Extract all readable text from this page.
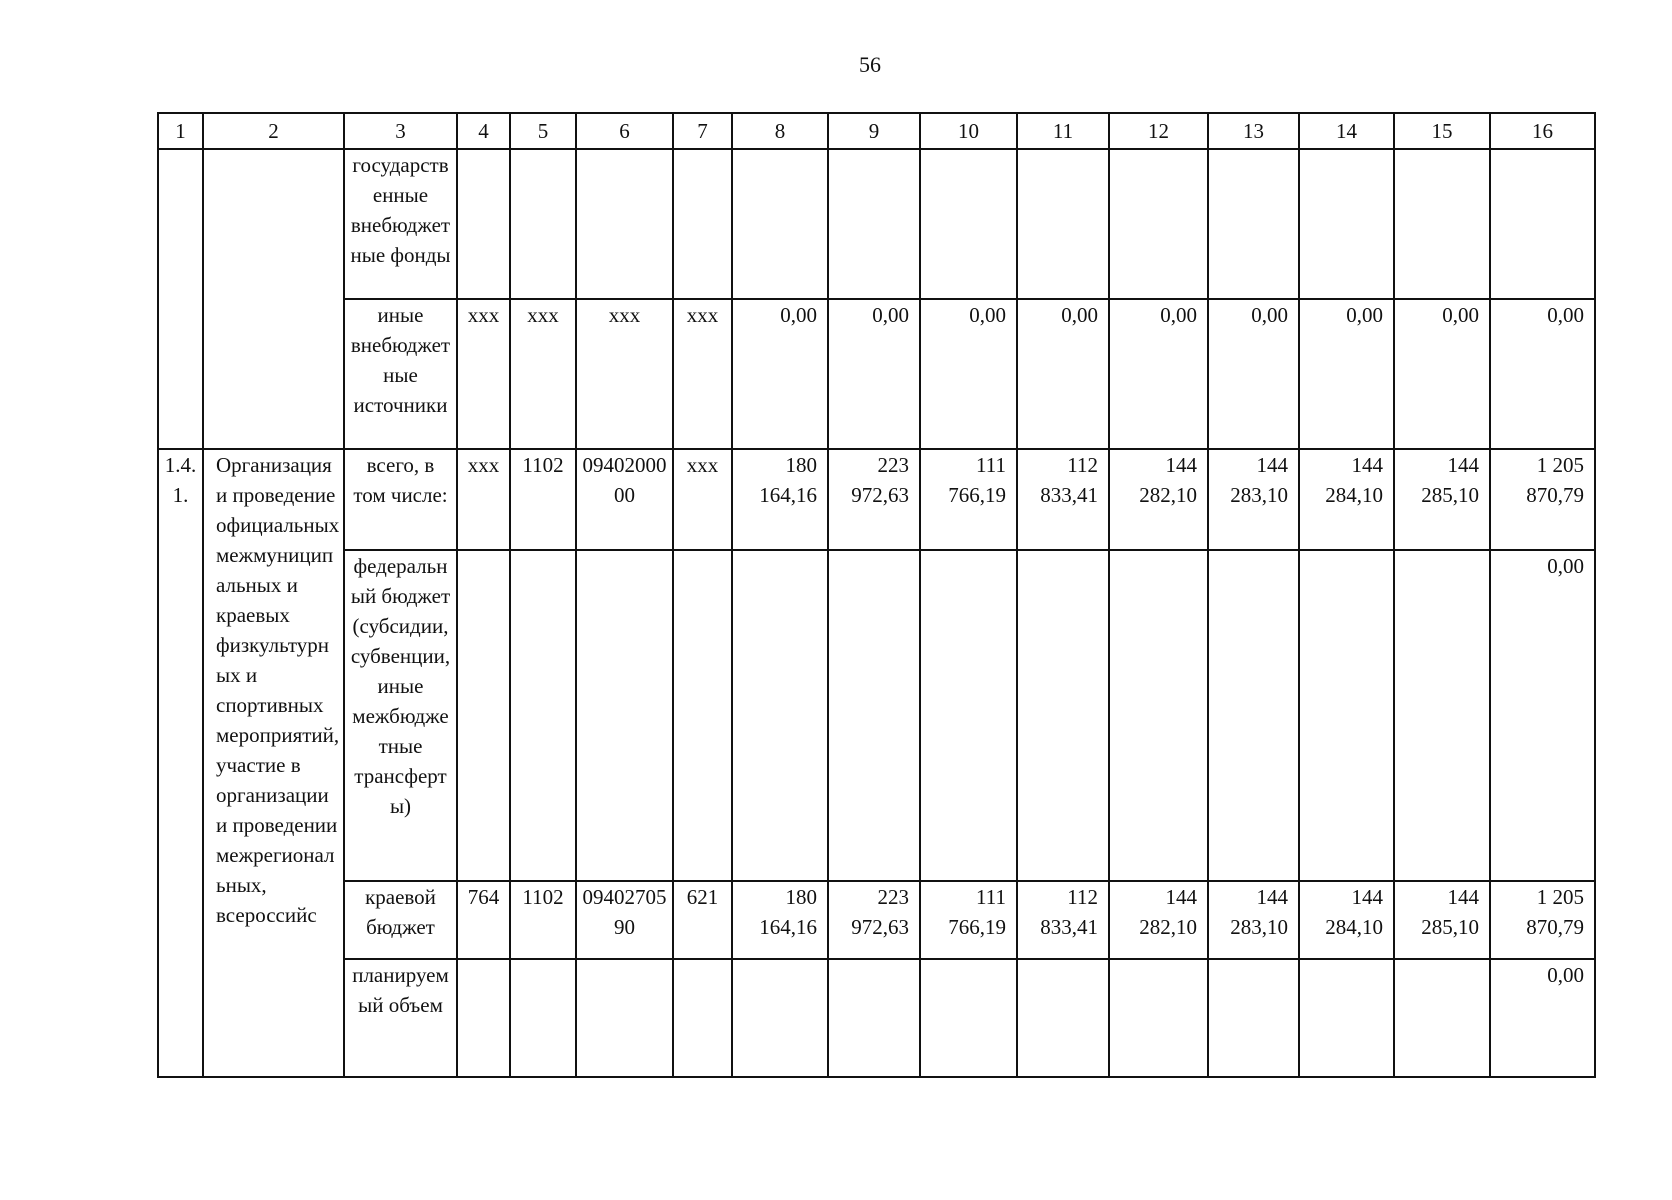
56
1	2	3	4	5	6	7	8	9	10	11	12	13	14	15	16
		государственные внебюджетные фонды													
		иные внебюджетные источники	ххх	ххх	ххх	ххх	0,00	0,00	0,00	0,00	0,00	0,00	0,00	0,00	0,00
1.4.1.	Организация и проведение официальных межмуниципальных и краевых физкультурных и спортивных мероприятий, участие в организации и проведении межрегиональных, всероссийс	всего, в том числе:	ххх	1102	0940200000	ххх	180 164,16	223 972,63	111 766,19	112 833,41	144 282,10	144 283,10	144 284,10	144 285,10	1 205 870,79
		федеральный бюджет (субсидии, субвенции, иные межбюджетные трансферты)													0,00
		краевой бюджет	764	1102	0940270590	621	180 164,16	223 972,63	111 766,19	112 833,41	144 282,10	144 283,10	144 284,10	144 285,10	1 205 870,79
		планируемый объем													0,00
